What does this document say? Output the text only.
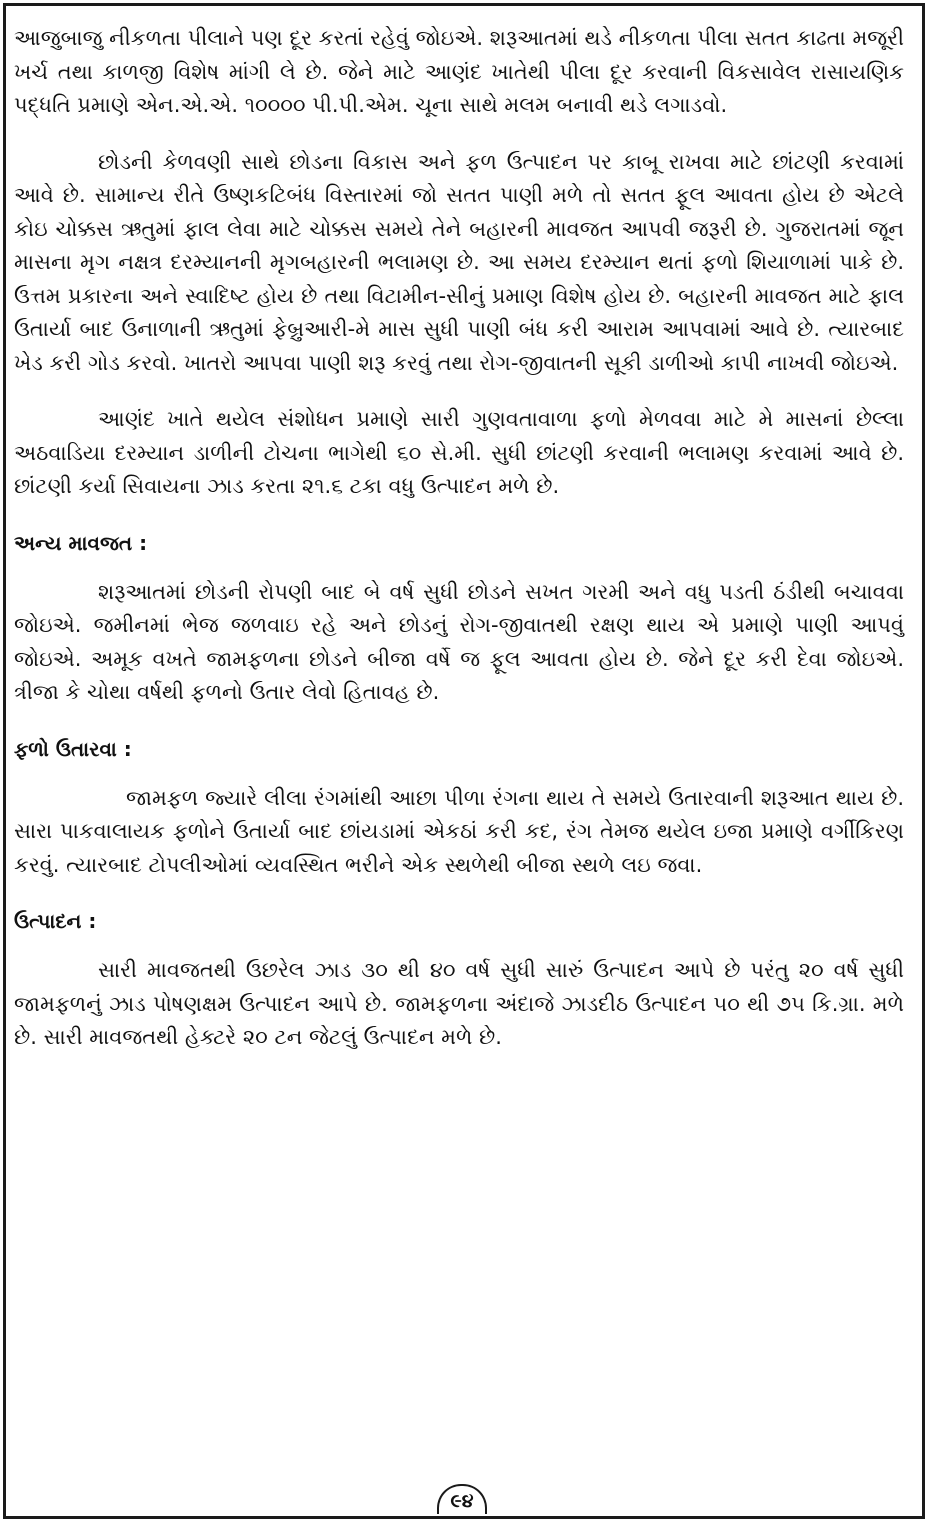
આજુબાજુ નીકળતા પીલાને પણ દૂર કરતાં રહેવું જોઇએ. શરૂઆતમાં થડે નીકળતા પીલા સતત કાઢતા મજૂરી ખર્ચ તથા કાળજી વિશેષ માંગી લે છે. જેને માટે આણંદ ખાતેથી પીલા દૂર કરવાની વિકસાવેલ રાસાયણિક પદ્ધતિ પ્રમાણે એન.એ.એ. ૧૦૦૦૦ પી.પી.એમ. ચૂના સાથે મલમ બનાવી થડે લગાડવો.

છોડની કેળવણી સાથે છોડના વિકાસ અને ફળ ઉત્પાદન પર કાબૂ રાખવા માટે છાંટણી કરવામાં આવે છે. સામાન્ય રીતે ઉષ્ણકટિબંધ વિસ્તારમાં જો સતત પાણી મળે તો સતત ફૂલ આવતા હોય છે એટલે કોઇ ચોક્કસ ઋતુમાં ફાલ લેવા માટે ચોક્કસ સમયે તેને બહારની માવજત આપવી જરૂરી છે. ગુજરાતમાં જૂન માસના મૃગ નક્ષત્ર દરમ્યાનની મૃગબહારની ભલામણ છે. આ સમય દરમ્યાન થતાં ફળો શિયાળામાં પાકે છે. ઉત્તમ પ્રકારના અને સ્વાદિષ્ટ હોય છે તથા વિટામીન-સીનું પ્રમાણ વિશેષ હોય છે. બહારની માવજત માટે ફાલ ઉતાર્યા બાદ ઉનાળાની ઋતુમાં ફેબ્રુઆરી-મે માસ સુધી પાણી બંધ કરી આરામ આપવામાં આવે છે. ત્યારબાદ ખેડ કરી ગોડ કરવો. ખાતરો આપવા પાણી શરૂ કરવું તથા રોગ-જીવાતની સૂકી ડાળીઓ કાપી નાખવી જોઇએ.

આણંદ ખાતે થયેલ સંશોધન પ્રમાણે સારી ગુણવતાવાળા ફળો મેળવવા માટે મે માસનાં છેલ્લા અઠવાડિયા દરમ્યાન ડાળીની ટોચના ભાગેથી ૬૦ સે.મી. સુધી છાંટણી કરવાની ભલામણ કરવામાં આવે છે. છાંટણી કર્યા સિવાયના ઝાડ કરતા ૨૧.૬ ટકા વધુ ઉત્પાદન મળે છે.

અન્ય માવજત :

શરૂઆતમાં છોડની રોપણી બાદ બે વર્ષ સુધી છોડને સખત ગરમી અને વધુ પડતી ઠંડીથી બચાવવા જોઇએ. જમીનમાં ભેજ જળવાઇ રહે અને છોડનું રોગ-જીવાતથી રક્ષણ થાય એ પ્રમાણે પાણી આપવું જોઇએ. અમૂક વખતે જામફળના છોડને બીજા વર્ષે જ ફૂલ આવતા હોય છે. જેને દૂર કરી દેવા જોઇએ. ત્રીજા કે ચોથા વર્ષથી ફળનો ઉતાર લેવો હિતાવહ છે.

ફળો ઉતારવા :

જામફળ જ્યારે લીલા રંગમાંથી આછા પીળા રંગના થાય તે સમયે ઉતારવાની શરૂઆત થાય છે. સારા પાકવાલાયક ફળોને ઉતાર્યા બાદ છાંયડામાં એકઠાં કરી કદ, રંગ તેમજ થયેલ ઇજા પ્રમાણે વર્ગીકિરણ કરવું. ત્યારબાદ ટોપલીઓમાં વ્યવસ્થિત ભરીને એક સ્થળેથી બીજા સ્થળે લઇ જવા.

ઉત્પાદન :

સારી માવજતથી ઉછરેલ ઝાડ ૩૦ થી ૪૦ વર્ષ સુધી સારું ઉત્પાદન આપે છે પરંતુ ૨૦ વર્ષ સુધી જામફળનું ઝાડ પોષણક્ષમ ઉત્પાદન આપે છે. જામફળના અંદાજે ઝાડદીઠ ઉત્પાદન ૫૦ થી ૭૫ કિ.ગ્રા. મળે છે. સારી માવજતથી હેક્ટરે ૨૦ ટન જેટલું ઉત્પાદન મળે છે.

૯૪
